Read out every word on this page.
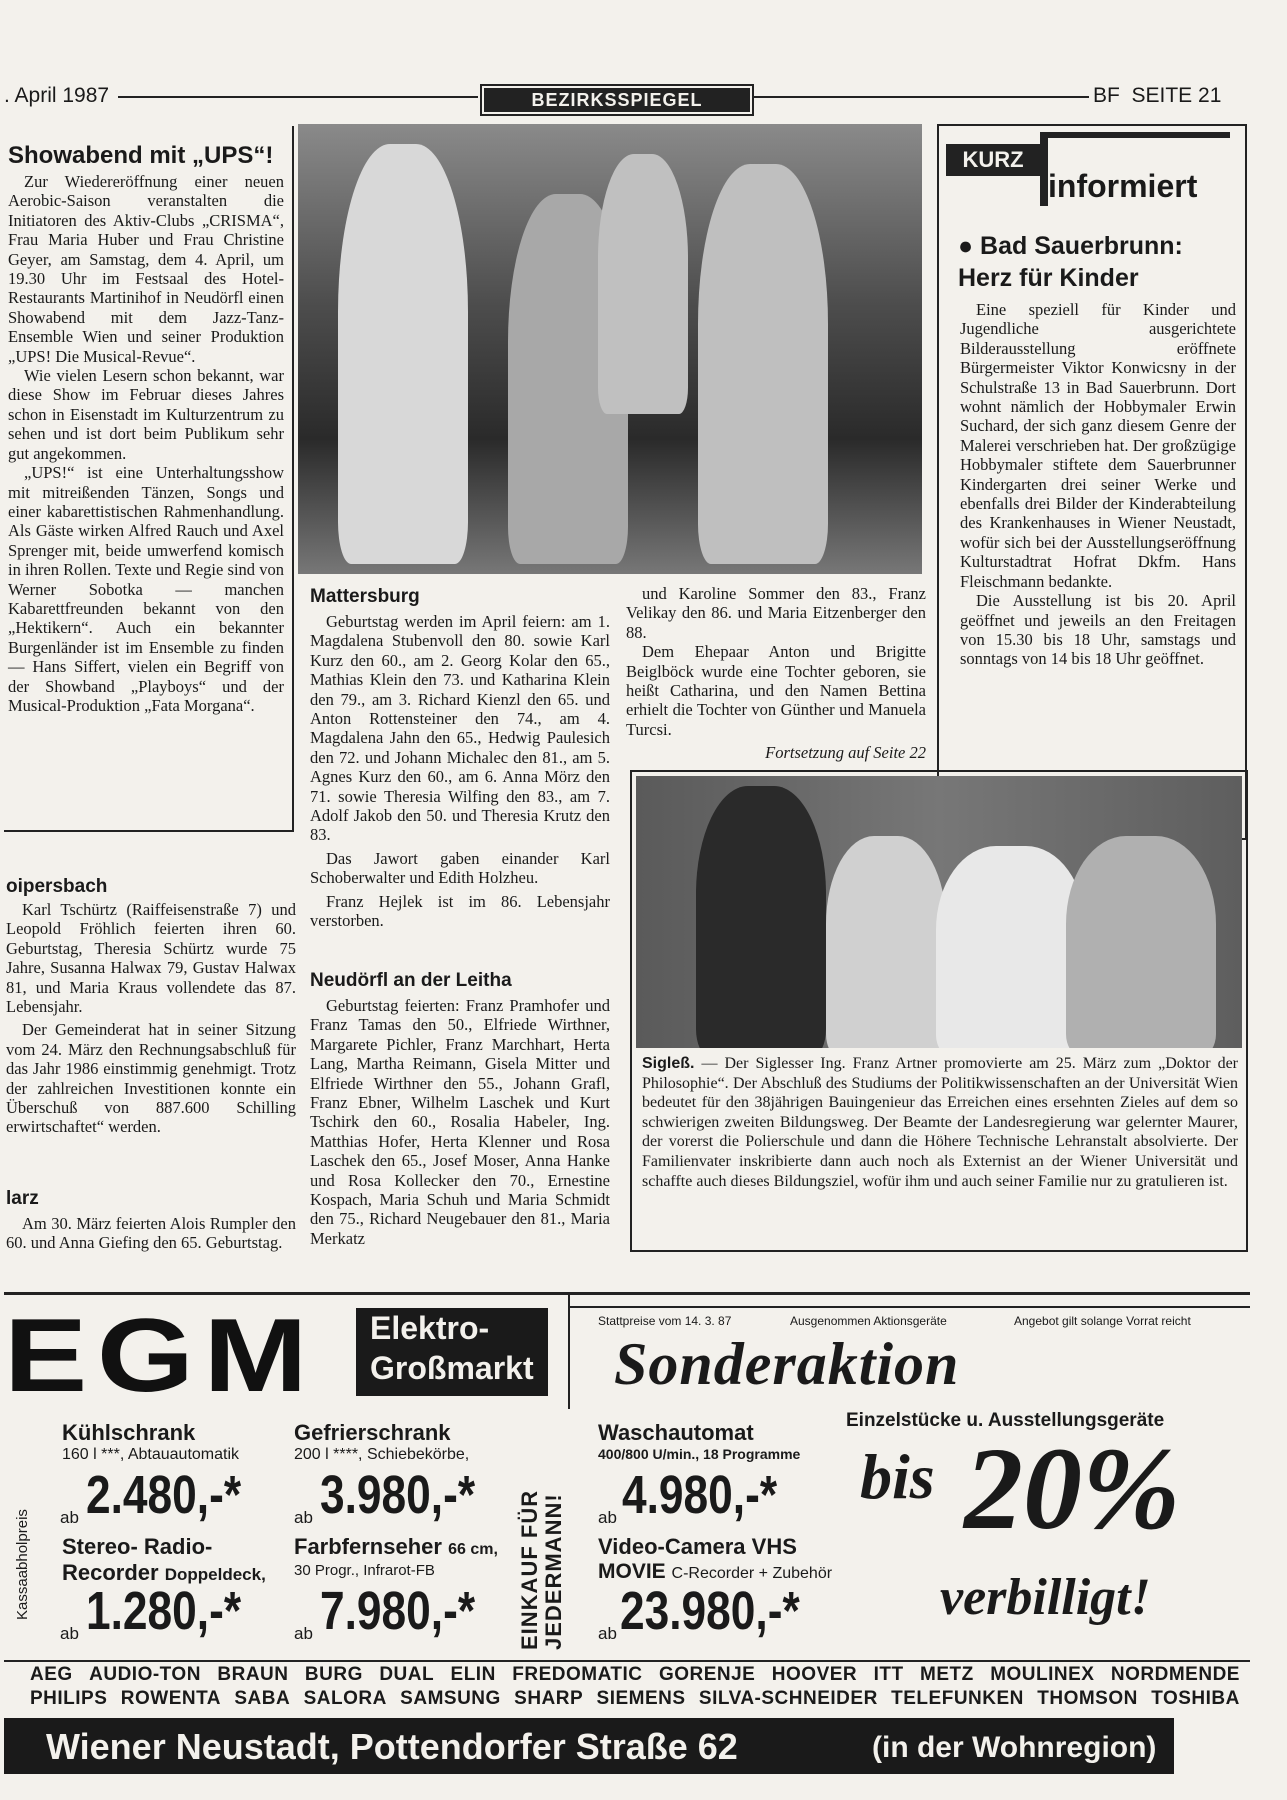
. April 1987	BEZIRKSSPIEGEL	BF  SEITE 21
Showabend mit „UPS“!

Zur Wiedereröffnung einer neuen Aerobic-Saison veranstalten die Initiatoren des Aktiv-Clubs „CRISMA“, Frau Maria Huber und Frau Christine Geyer, am Samstag, dem 4. April, um 19.30 Uhr im Festsaal des Hotel-Restaurants Martinihof in Neudörfl einen Showabend mit dem Jazz-Tanz-Ensemble Wien und seiner Produktion „UPS! Die Musical-Revue“.

Wie vielen Lesern schon bekannt, war diese Show im Februar dieses Jahres schon in Eisenstadt im Kulturzentrum zu sehen und ist dort beim Publikum sehr gut angekommen.

„UPS!“ ist eine Unterhaltungsshow mit mitreißenden Tänzen, Songs und einer kabarettistischen Rahmenhandlung. Als Gäste wirken Alfred Rauch und Axel Sprenger mit, beide umwerfend komisch in ihren Rollen. Texte und Regie sind von Werner Sobotka — manchen Kabarettfreunden bekannt von den „Hektikern“. Auch ein bekannter Burgenländer ist im Ensemble zu finden — Hans Siffert, vielen ein Begriff von der Showband „Playboys“ und der Musical-Produktion „Fata Morgana“.

KURZ
informiert
● Bad Sauerbrunn:
Herz für Kinder

Eine speziell für Kinder und Jugendliche ausgerichtete Bilderausstellung eröffnete Bürgermeister Viktor Konwicsny in der Schulstraße 13 in Bad Sauerbrunn. Dort wohnt nämlich der Hobbymaler Erwin Suchard, der sich ganz diesem Genre der Malerei verschrieben hat. Der großzügige Hobbymaler stiftete dem Sauerbrunner Kindergarten drei seiner Werke und ebenfalls drei Bilder der Kinderabteilung des Krankenhauses in Wiener Neustadt, wofür sich bei der Ausstellungseröffnung Kulturstadtrat Hofrat Dkfm. Hans Fleischmann bedankte.

Die Ausstellung ist bis 20. April geöffnet und jeweils an den Freitagen von 15.30 bis 18 Uhr, samstags und sonntags von 14 bis 18 Uhr geöffnet.

Mattersburg

Geburtstag werden im April feiern: am 1. Magdalena Stubenvoll den 80. sowie Karl Kurz den 60., am 2. Georg Kolar den 65., Mathias Klein den 73. und Katharina Klein den 79., am 3. Richard Kienzl den 65. und Anton Rottensteiner den 74., am 4. Magdalena Jahn den 65., Hedwig Paulesich den 72. und Johann Michalec den 81., am 5. Agnes Kurz den 60., am 6. Anna Mörz den 71. sowie Theresia Wilfing den 83., am 7. Adolf Jakob den 50. und Theresia Krutz den 83.

Das Jawort gaben einander Karl Schoberwalter und Edith Holzheu.

Franz Hejlek ist im 86. Lebensjahr verstorben.

Neudörfl an der Leitha

Geburtstag feierten: Franz Pramhofer und Franz Tamas den 50., Elfriede Wirthner, Margarete Pichler, Franz Marchhart, Herta Lang, Martha Reimann, Gisela Mitter und Elfriede Wirthner den 55., Johann Grafl, Franz Ebner, Wilhelm Laschek und Kurt Tschirk den 60., Rosalia Habeler, Ing. Matthias Hofer, Herta Klenner und Rosa Laschek den 65., Josef Moser, Anna Hanke und Rosa Kollecker den 70., Ernestine Kospach, Maria Schuh und Maria Schmidt den 75., Richard Neugebauer den 81., Maria Merkatz

und Karoline Sommer den 83., Franz Velikay den 86. und Maria Eitzenberger den 88.

Dem Ehepaar Anton und Brigitte Beiglböck wurde eine Tochter geboren, sie heißt Catharina, und den Namen Bettina erhielt die Tochter von Günther und Manuela Turcsi.

Fortsetzung auf Seite 22

oipersbach

Karl Tschürtz (Raiffeisenstraße 7) und Leopold Fröhlich feierten ihren 60. Geburtstag, Theresia Schürtz wurde 75 Jahre, Susanna Halwax 79, Gustav Halwax 81, und Maria Kraus vollendete das 87. Lebensjahr.

Der Gemeinderat hat in seiner Sitzung vom 24. März den Rechnungsabschluß für das Jahr 1986 einstimmig genehmigt. Trotz der zahlreichen Investitionen konnte ein Überschuß von 887.600 Schilling erwirtschaftet“ werden.

larz

Am 30. März feierten Alois Rumpler den 60. und Anna Giefing den 65. Geburtstag.

Sigleß. — Der Siglesser Ing. Franz Artner promovierte am 25. März zum „Doktor der Philosophie“. Der Abschluß des Studiums der Politikwissenschaften an der Universität Wien bedeutet für den 38jährigen Bauingenieur das Erreichen eines ersehnten Zieles auf dem so schwierigen zweiten Bildungsweg. Der Beamte der Landesregierung war gelernter Maurer, der vorerst die Polierschule und dann die Höhere Technische Lehranstalt absolvierte. Der Familienvater inskribierte dann auch noch als Externist an der Wiener Universität und schaffte auch dieses Bildungsziel, wofür ihm und auch seiner Familie nur zu gratulieren ist.

EGM	Elektro-
Großmarkt
Stattpreise vom 14. 3. 87	Ausgenommen Aktionsgeräte	Angebot gilt solange Vorrat reicht
Sonderaktion
Kassaabholpreis
Kühlschrank
160 l ***, Abtauautomatik
ab 2.480,-*
Gefrierschrank
200 l ****, Schiebekörbe,
ab 3.980,-* EINKAUF FÜR JEDERMANN!
Waschautomat
400/800 U/min., 18 Programme
ab 4.980,-*
Stereo- Radio-
Recorder Doppeldeck,
ab 1.280,-*
Farbfernseher 66 cm,
30 Progr., Infrarot-FB
ab 7.980,-*
Video-Camera VHS
MOVIE C-Recorder + Zubehör
ab 23.980,-*
Einzelstücke u. Ausstellungsgeräte
bis 20%
verbilligt!
AEG AUDIO-TON BRAUN BURG DUAL ELIN FREDOMATIC GORENJE HOOVER ITT METZ MOULINEX NORDMENDE
PHILIPS ROWENTA SABA SALORA SAMSUNG SHARP SIEMENS SILVA-SCHNEIDER TELEFUNKEN THOMSON TOSHIBA
Wiener Neustadt, Pottendorfer Straße 62	(in der Wohnregion)
